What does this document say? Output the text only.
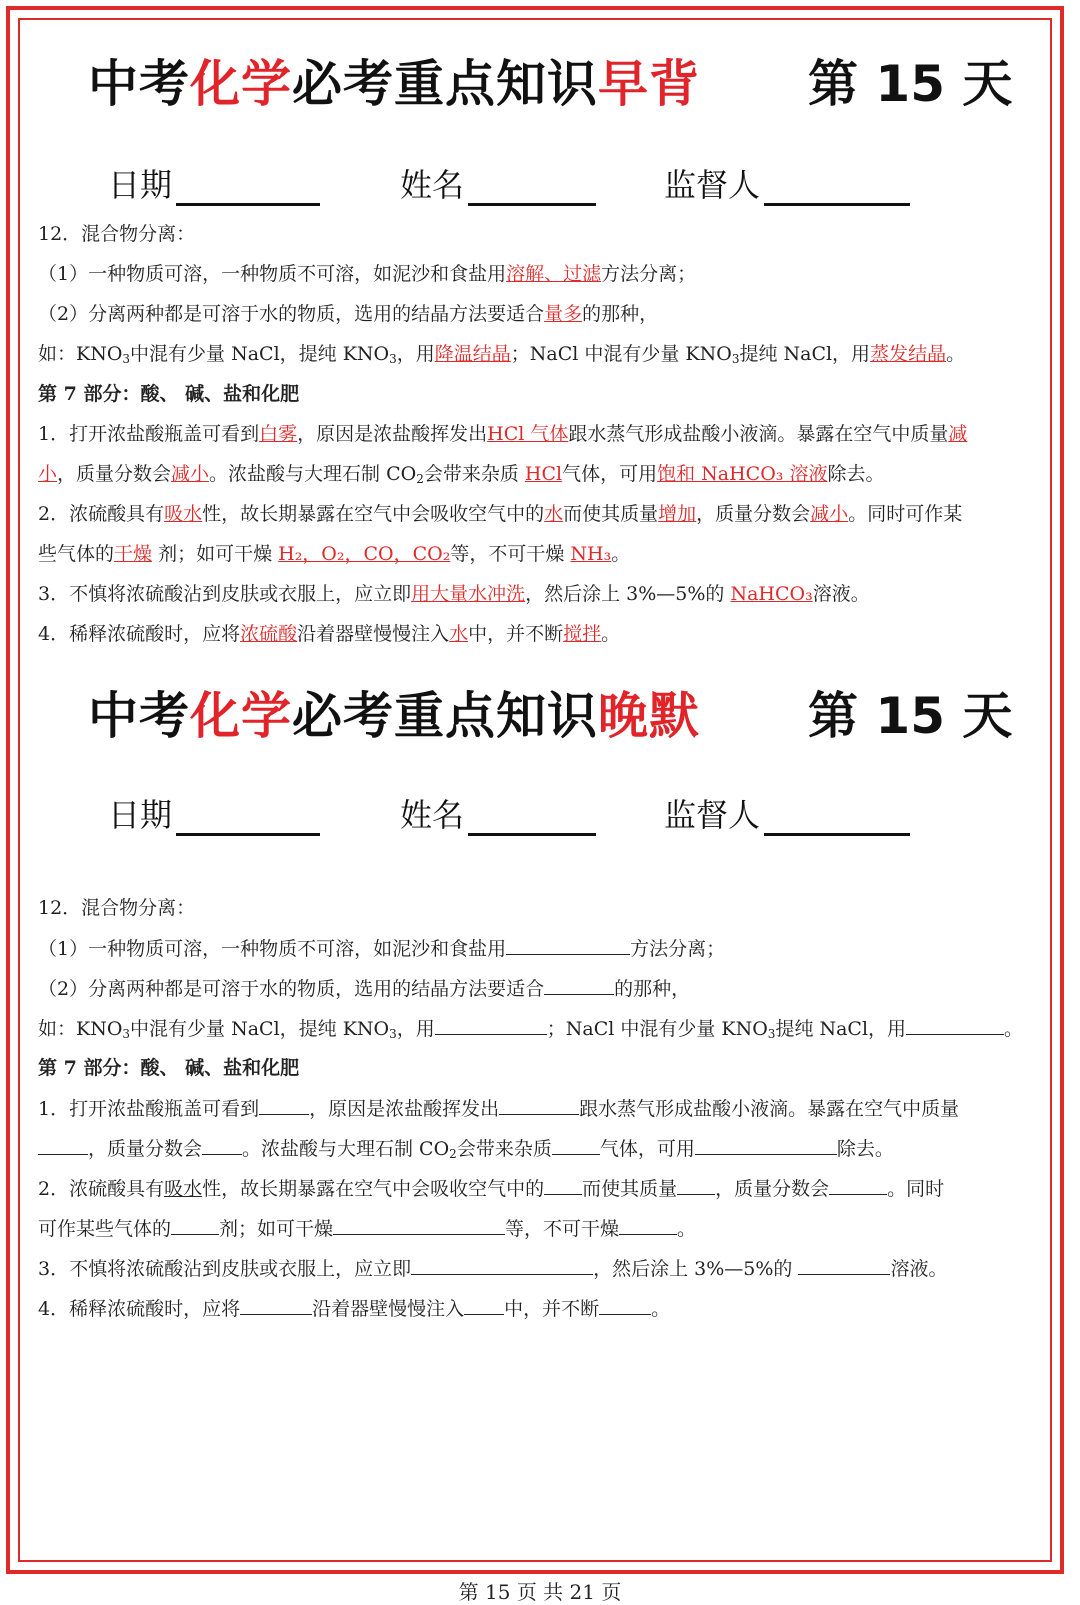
中考化学必考重点知识早背 第 15 天
日期	姓名	监督人
12．混合物分离：
（1）一种物质可溶，一种物质不可溶，如泥沙和食盐用溶解、过滤方法分离；
（2）分离两种都是可溶于水的物质，选用的结晶方法要适合量多的那种，
如：$KNO_3$中混有少量 NaCl，提纯 $KNO_3$，用降温结晶；NaCl 中混有少量 $KNO_3$提纯 NaCl，用蒸发结晶。
第 7 部分：酸、 碱、盐和化肥
1．打开浓盐酸瓶盖可看到白雾，原因是浓盐酸挥发出HCl 气体跟水蒸气形成盐酸小液滴。暴露在空气中质量减
小，质量分数会减小。浓盐酸与大理石制 $CO_2$会带来杂质 HCl气体，可用饱和 NaHCO₃ 溶液除去。
2．浓硫酸具有吸水性，故长期暴露在空气中会吸收空气中的水而使其质量增加，质量分数会减小。同时可作某
些气体的干燥 剂；如可干燥 H₂，O₂，CO，CO₂等，不可干燥 NH₃。
3．不慎将浓硫酸沾到皮肤或衣服上，应立即用大量水冲洗，然后涂上 3%—5%的 NaHCO₃溶液。
4．稀释浓硫酸时，应将浓硫酸沿着器壁慢慢注入水中，并不断搅拌。
中考化学必考重点知识晚默 第 15 天
日期	姓名	监督人
12．混合物分离：
（1）一种物质可溶，一种物质不可溶，如泥沙和食盐用	方法分离；
（2）分离两种都是可溶于水的物质，选用的结晶方法要适合	的那种，
如：$KNO_3$中混有少量 NaCl，提纯 $KNO_3$，用	；NaCl 中混有少量 $KNO_3$提纯 NaCl，用	。
第 7 部分：酸、 碱、盐和化肥
1．打开浓盐酸瓶盖可看到	，原因是浓盐酸挥发出	跟水蒸气形成盐酸小液滴。暴露在空气中质量
，质量分数会 。浓盐酸与大理石制 $CO_2$会带来杂质	气体，可用	除去。
2．浓硫酸具有吸水性，故长期暴露在空气中会吸收空气中的 而使其质量 ，质量分数会	。同时
可作某些气体的	剂；如可干燥	等，不可干燥	。
3．不慎将浓硫酸沾到皮肤或衣服上，应立即	，然后涂上 3%—5%的	溶液。
4．稀释浓硫酸时，应将	沿着器壁慢慢注入 中，并不断	。
第 15 页 共 21 页
